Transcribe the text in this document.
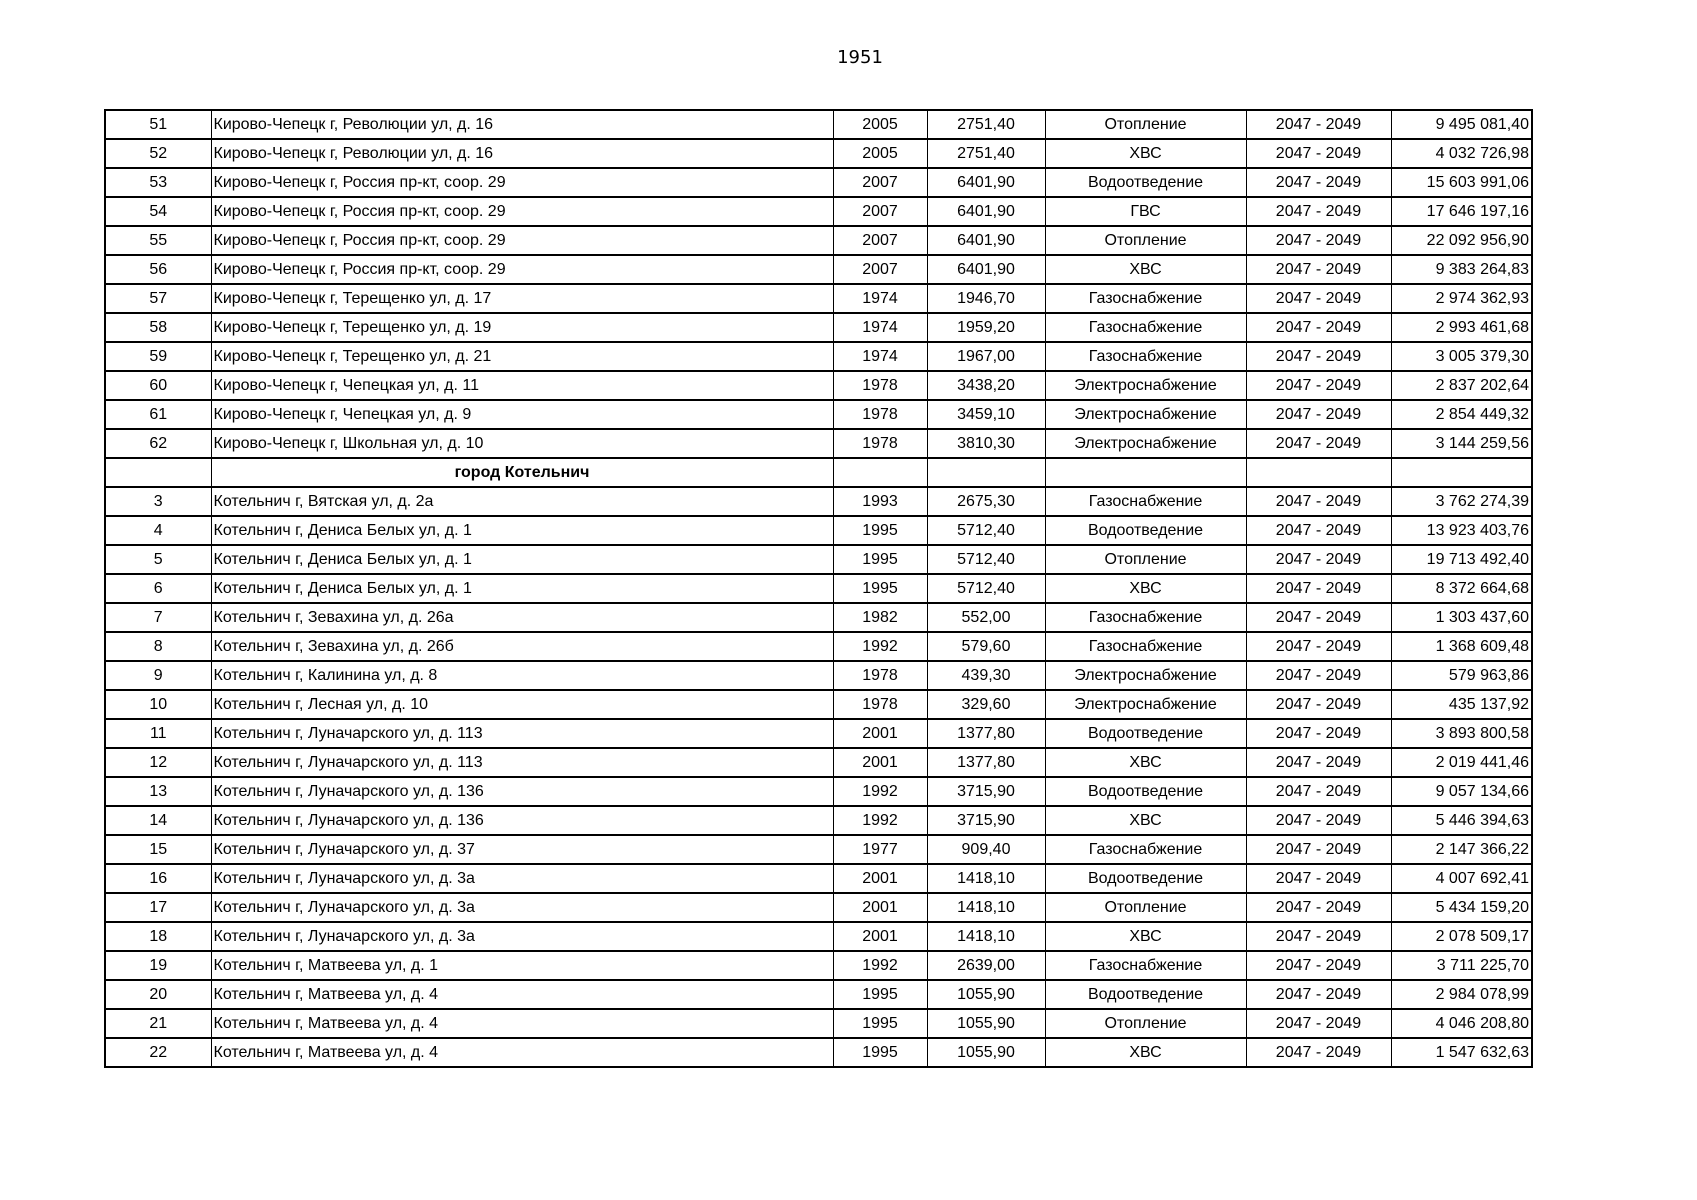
1951
51	Кирово-Чепецк г, Революции ул, д. 16	2005	2751,40	Отопление	2047 - 2049	9 495 081,40
52	Кирово-Чепецк г, Революции ул, д. 16	2005	2751,40	ХВС	2047 - 2049	4 032 726,98
53	Кирово-Чепецк г, Россия пр-кт, соор. 29	2007	6401,90	Водоотведение	2047 - 2049	15 603 991,06
54	Кирово-Чепецк г, Россия пр-кт, соор. 29	2007	6401,90	ГВС	2047 - 2049	17 646 197,16
55	Кирово-Чепецк г, Россия пр-кт, соор. 29	2007	6401,90	Отопление	2047 - 2049	22 092 956,90
56	Кирово-Чепецк г, Россия пр-кт, соор. 29	2007	6401,90	ХВС	2047 - 2049	9 383 264,83
57	Кирово-Чепецк г, Терещенко ул, д. 17	1974	1946,70	Газоснабжение	2047 - 2049	2 974 362,93
58	Кирово-Чепецк г, Терещенко ул, д. 19	1974	1959,20	Газоснабжение	2047 - 2049	2 993 461,68
59	Кирово-Чепецк г, Терещенко ул, д. 21	1974	1967,00	Газоснабжение	2047 - 2049	3 005 379,30
60	Кирово-Чепецк г, Чепецкая ул, д. 11	1978	3438,20	Электроснабжение	2047 - 2049	2 837 202,64
61	Кирово-Чепецк г, Чепецкая ул, д. 9	1978	3459,10	Электроснабжение	2047 - 2049	2 854 449,32
62	Кирово-Чепецк г, Школьная ул, д. 10	1978	3810,30	Электроснабжение	2047 - 2049	3 144 259,56
	город Котельнич					
3	Котельнич г, Вятская ул, д. 2а	1993	2675,30	Газоснабжение	2047 - 2049	3 762 274,39
4	Котельнич г, Дениса Белых ул, д. 1	1995	5712,40	Водоотведение	2047 - 2049	13 923 403,76
5	Котельнич г, Дениса Белых ул, д. 1	1995	5712,40	Отопление	2047 - 2049	19 713 492,40
6	Котельнич г, Дениса Белых ул, д. 1	1995	5712,40	ХВС	2047 - 2049	8 372 664,68
7	Котельнич г, Зевахина ул, д. 26а	1982	552,00	Газоснабжение	2047 - 2049	1 303 437,60
8	Котельнич г, Зевахина ул, д. 26б	1992	579,60	Газоснабжение	2047 - 2049	1 368 609,48
9	Котельнич г, Калинина ул, д. 8	1978	439,30	Электроснабжение	2047 - 2049	579 963,86
10	Котельнич г, Лесная ул, д. 10	1978	329,60	Электроснабжение	2047 - 2049	435 137,92
11	Котельнич г, Луначарского ул, д. 113	2001	1377,80	Водоотведение	2047 - 2049	3 893 800,58
12	Котельнич г, Луначарского ул, д. 113	2001	1377,80	ХВС	2047 - 2049	2 019 441,46
13	Котельнич г, Луначарского ул, д. 136	1992	3715,90	Водоотведение	2047 - 2049	9 057 134,66
14	Котельнич г, Луначарского ул, д. 136	1992	3715,90	ХВС	2047 - 2049	5 446 394,63
15	Котельнич г, Луначарского ул, д. 37	1977	909,40	Газоснабжение	2047 - 2049	2 147 366,22
16	Котельнич г, Луначарского ул, д. 3а	2001	1418,10	Водоотведение	2047 - 2049	4 007 692,41
17	Котельнич г, Луначарского ул, д. 3а	2001	1418,10	Отопление	2047 - 2049	5 434 159,20
18	Котельнич г, Луначарского ул, д. 3а	2001	1418,10	ХВС	2047 - 2049	2 078 509,17
19	Котельнич г, Матвеева ул, д. 1	1992	2639,00	Газоснабжение	2047 - 2049	3 711 225,70
20	Котельнич г, Матвеева ул, д. 4	1995	1055,90	Водоотведение	2047 - 2049	2 984 078,99
21	Котельнич г, Матвеева ул, д. 4	1995	1055,90	Отопление	2047 - 2049	4 046 208,80
22	Котельнич г, Матвеева ул, д. 4	1995	1055,90	ХВС	2047 - 2049	1 547 632,63
